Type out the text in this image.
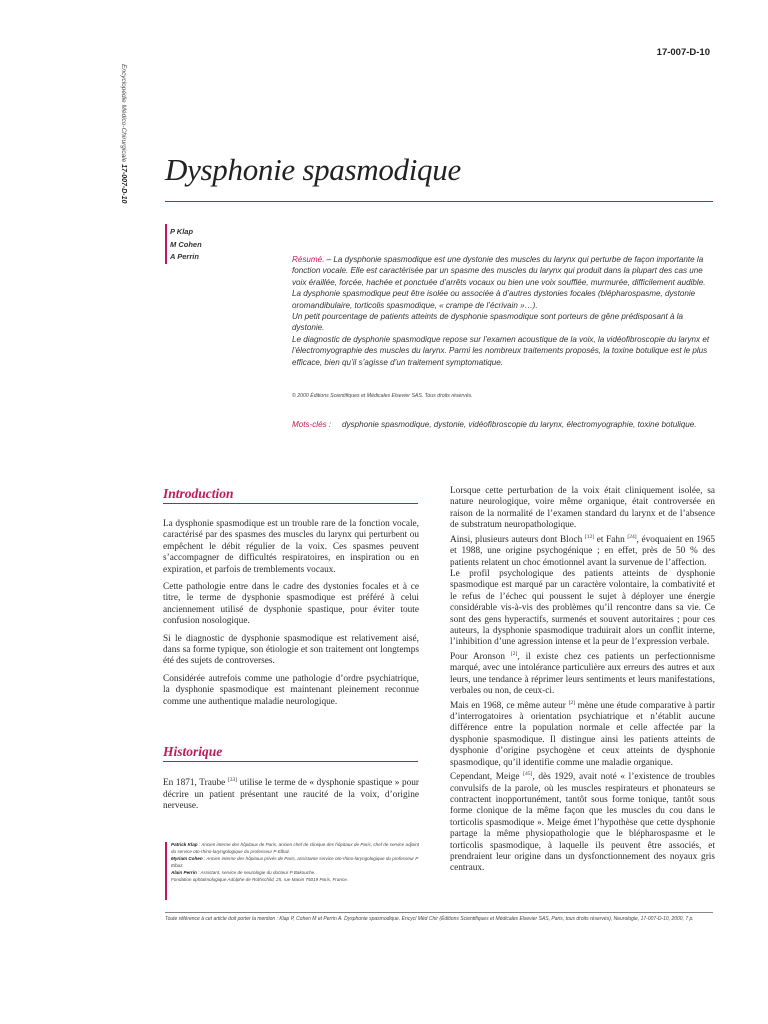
Encyclopédie Médico-Chirurgicale 17-007-D-10
17-007-D-10
Dysphonie spasmodique
P Klap
M Cohen
A Perrin	Résumé. – La dysphonie spasmodique est une dystonie des muscles du larynx qui perturbe de façon importante la fonction vocale. Elle est caractérisée par un spasme des muscles du larynx qui produit dans la plupart des cas une voix éraillée, forcée, hachée et ponctuée d’arrêts vocaux ou bien une voix soufflée, murmurée, difficilement audible.

La dysphonie spasmodique peut être isolée ou associée à d’autres dystonies focales (blépharospasme, dystonie oromandibulaire, torticolis spasmodique, « crampe de l’écrivain »…).

Un petit pourcentage de patients atteints de dysphonie spasmodique sont porteurs de gêne prédisposant à la dystonie.

Le diagnostic de dysphonie spasmodique repose sur l’examen acoustique de la voix, la vidéofibroscopie du larynx et l’électromyographie des muscles du larynx. Parmi les nombreux traitements proposés, la toxine botulique est le plus efficace, bien qu’il s’agisse d’un traitement symptomatique.

© 2000 Éditions Scientifiques et Médicales Elsevier SAS. Tous droits réservés.
Mots-clés : dysphonie spasmodique, dystonie, vidéofibroscopie du larynx, électromyographie, toxine botulique.
Introduction

La dysphonie spasmodique est un trouble rare de la fonction vocale, caractérisé par des spasmes des muscles du larynx qui perturbent ou empêchent le débit régulier de la voix. Ces spasmes peuvent s’accompagner de difficultés respiratoires, en inspiration ou en expiration, et parfois de tremblements vocaux.

Cette pathologie entre dans le cadre des dystonies focales et à ce titre, le terme de dysphonie spasmodique est préféré à celui anciennement utilisé de dysphonie spastique, pour éviter toute confusion nosologique.

Si le diagnostic de dysphonie spasmodique est relativement aisé, dans sa forme typique, son étiologie et son traitement ont longtemps été des sujets de controverses.

Considérée autrefois comme une pathologie d’ordre psychiatrique, la dysphonie spasmodique est maintenant pleinement reconnue comme une authentique maladie neurologique.

Historique

En 1871, Traube [33] utilise le terme de « dysphonie spastique » pour décrire un patient présentant une raucité de la voix, d’origine nerveuse.

Lorsque cette perturbation de la voix était cliniquement isolée, sa nature neurologique, voire même organique, était controversée en raison de la normalité de l’examen standard du larynx et de l’absence de substratum neuropathologique.

Ainsi, plusieurs auteurs dont Bloch [12] et Fahn [24], évoquaient en 1965 et 1988, une origine psychogénique ; en effet, près de 50 % des patients relatent un choc émotionnel avant la survenue de l’affection.

Le profil psychologique des patients atteints de dysphonie spasmodique est marqué par un caractère volontaire, la combativité et le refus de l’échec qui poussent le sujet à déployer une énergie considérable vis-à-vis des problèmes qu’il rencontre dans sa vie. Ce sont des gens hyperactifs, surmenés et souvent autoritaires ; pour ces auteurs, la dysphonie spasmodique traduirait alors un conflit interne, l’inhibition d’une agression intense et la peur de l’expression verbale.

Pour Aronson [2], il existe chez ces patients un perfectionnisme marqué, avec une intolérance particulière aux erreurs des autres et aux leurs, une tendance à réprimer leurs sentiments et leurs manifestations, verbales ou non, de ceux-ci.

Mais en 1968, ce même auteur [2] mène une étude comparative à partir d’interrogatoires à orientation psychiatrique et n’établit aucune différence entre la population normale et celle affectée par la dysphonie spasmodique. Il distingue ainsi les patients atteints de dysphonie d’origine psychogène et ceux atteints de dysphonie spasmodique, qu’il identifie comme une maladie organique.

Cependant, Meige [45], dès 1929, avait noté « l’existence de troubles convulsifs de la parole, où les muscles respirateurs et phonateurs se contractent inopportunément, tantôt sous forme tonique, tantôt sous forme clonique de la même façon que les muscles du cou dans le torticolis spasmodique ». Meige émet l’hypothèse que cette dysphonie partage la même physiopathologie que le blépharospasme et le torticolis spasmodique, à laquelle ils peuvent être associés, et prendraient leur origine dans un dysfonctionnement des noyaux gris centraux.

Patrick Klap : Ancien interne des hôpitaux de Paris, ancien chef de clinique des hôpitaux de Paris, chef de service adjoint du service oto-rhino-laryngologique du professeur P Elbaz.
Myriam Cohen : Ancien interne des hôpitaux privés de Paris, assistante service oto-rhino-laryngologique du professeur P Elbaz.
Alain Perrin : Assistant, service de neurologie du docteur P Bakouche.
Fondation ophtalmologique Adolphe de Rothschild, 25, rue Manin 75019 Paris, France.
Toute référence à cet article doit porter la mention : Klap P, Cohen M et Perrin A. Dysphonie spasmodique. Encycl Méd Chir (Éditions Scientifiques et Médicales Elsevier SAS, Paris, tous droits réservés), Neurologie, 17-007-D-10, 2000, 7 p.
